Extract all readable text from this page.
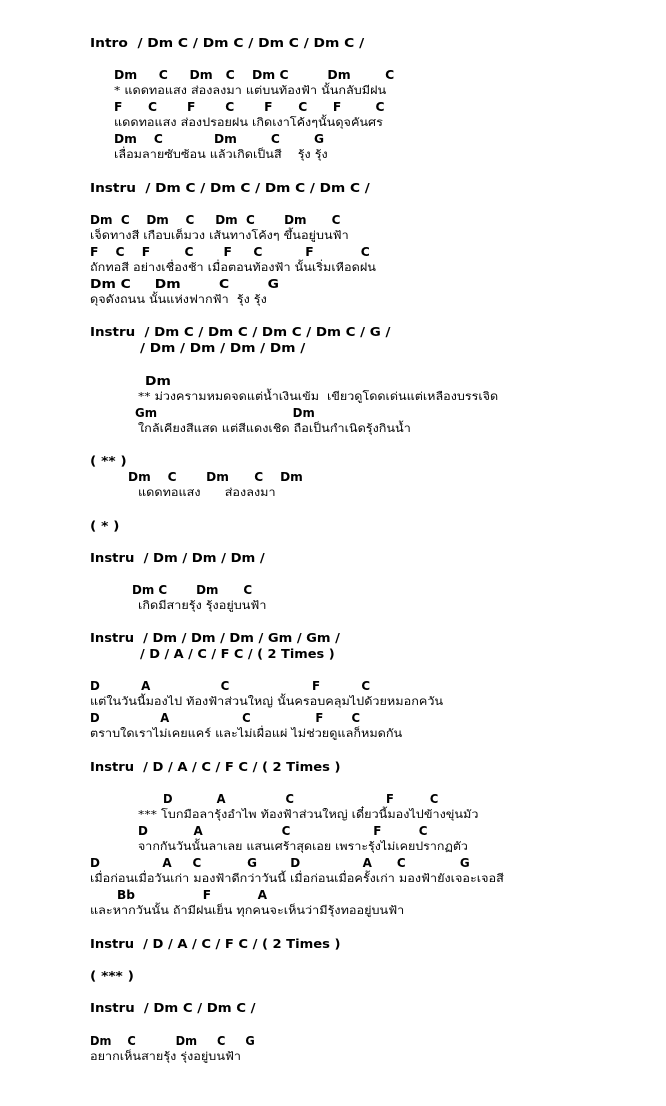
Intro  / Dm C / Dm C / Dm C / Dm C /
Dm     C     Dm   C    Dm C         Dm        C
* แดดทอแสง ส่องลงมา แต่บนท้องฟ้า นั้นกลับมีฝน
F      C       F       C       F      C      F        C
แดดทอแสง ส่องปรอยฝน เกิดเงาโค้งๆนั้นดุจคันศร
Dm    C            Dm        C        G
เลื่อมลายซับซ้อน แล้วเกิดเป็นสี    รุ้ง รุ้ง
Instru  / Dm C / Dm C / Dm C / Dm C /
Dm  C    Dm    C     Dm  C       Dm      C
เจ็ดทางสี เกือบเต็มวง เส้นทางโค้งๆ ขึ้นอยู่บนฟ้า
F    C    F        C       F     C          F           C
ถักทอสี อย่างเชื่องช้า เมื่อตอนท้องฟ้า นั้นเริ่มเหือดฝน
Dm C     Dm        C        G
ดุจดังถนน นั้นแห่งฟากฟ้า  รุ้ง รุ้ง
Instru  / Dm C / Dm C / Dm C / Dm C / G /
/ Dm / Dm / Dm / Dm /
Dm
** ม่วงครามหมดจดแต่น้ำเงินเข้ม  เขียวดูโดดเด่นแต่เหลืองบรรเจิด
Gm                                 Dm
ใกล้เคียงสีแสด แต่สีแดงเชิด ถือเป็นกำเนิดรุ้งกินน้ำ
( ** )
Dm    C       Dm      C    Dm
แดดทอแสง      ส่องลงมา
( * )
Instru  / Dm / Dm / Dm /
Dm C       Dm      C
เกิดมีสายรุ้ง รุ้งอยู่บนฟ้า
Instru  / Dm / Dm / Dm / Gm / Gm /
/ D / A / C / F C / ( 2 Times )
D          A                 C                    F          C
แต่ในวันนี้มองไป ท้องฟ้าส่วนใหญ่ นั้นครอบคลุมไปด้วยหมอกควัน
D               A                  C                F       C
ตราบใดเราไม่เคยแคร์ และไม่เผื่อแผ่ ไม่ช่วยดูแลก็หมดกัน
Instru  / D / A / C / F C / ( 2 Times )
D           A               C                       F         C
*** โบกมือลารุ้งอำไพ ท้องฟ้าส่วนใหญ่ เดี๋ยวนี้มองไปข้างขุ่นมัว
D           A                   C                    F         C
จากกันวันนั้นลาเลย แสนเศร้าสุดเอย เพราะรุ้งไม่เคยปรากฏตัว
D               A     C           G        D               A      C             G
เมื่อก่อนเมื่อวันเก่า มองฟ้าดีกว่าวันนี้ เมื่อก่อนเมื่อครั้งเก่า มองฟ้ายังเจอะเจอสี
Bb                F           A
และหากวันนั้น ถ้ามีฝนเย็น ทุกคนจะเห็นว่ามีรุ้งทออยู่บนฟ้า
Instru  / D / A / C / F C / ( 2 Times )
( *** )
Instru  / Dm C / Dm C /
Dm    C          Dm     C     G
อยากเห็นสายรุ้ง รุ่งอยู่บนฟ้า
